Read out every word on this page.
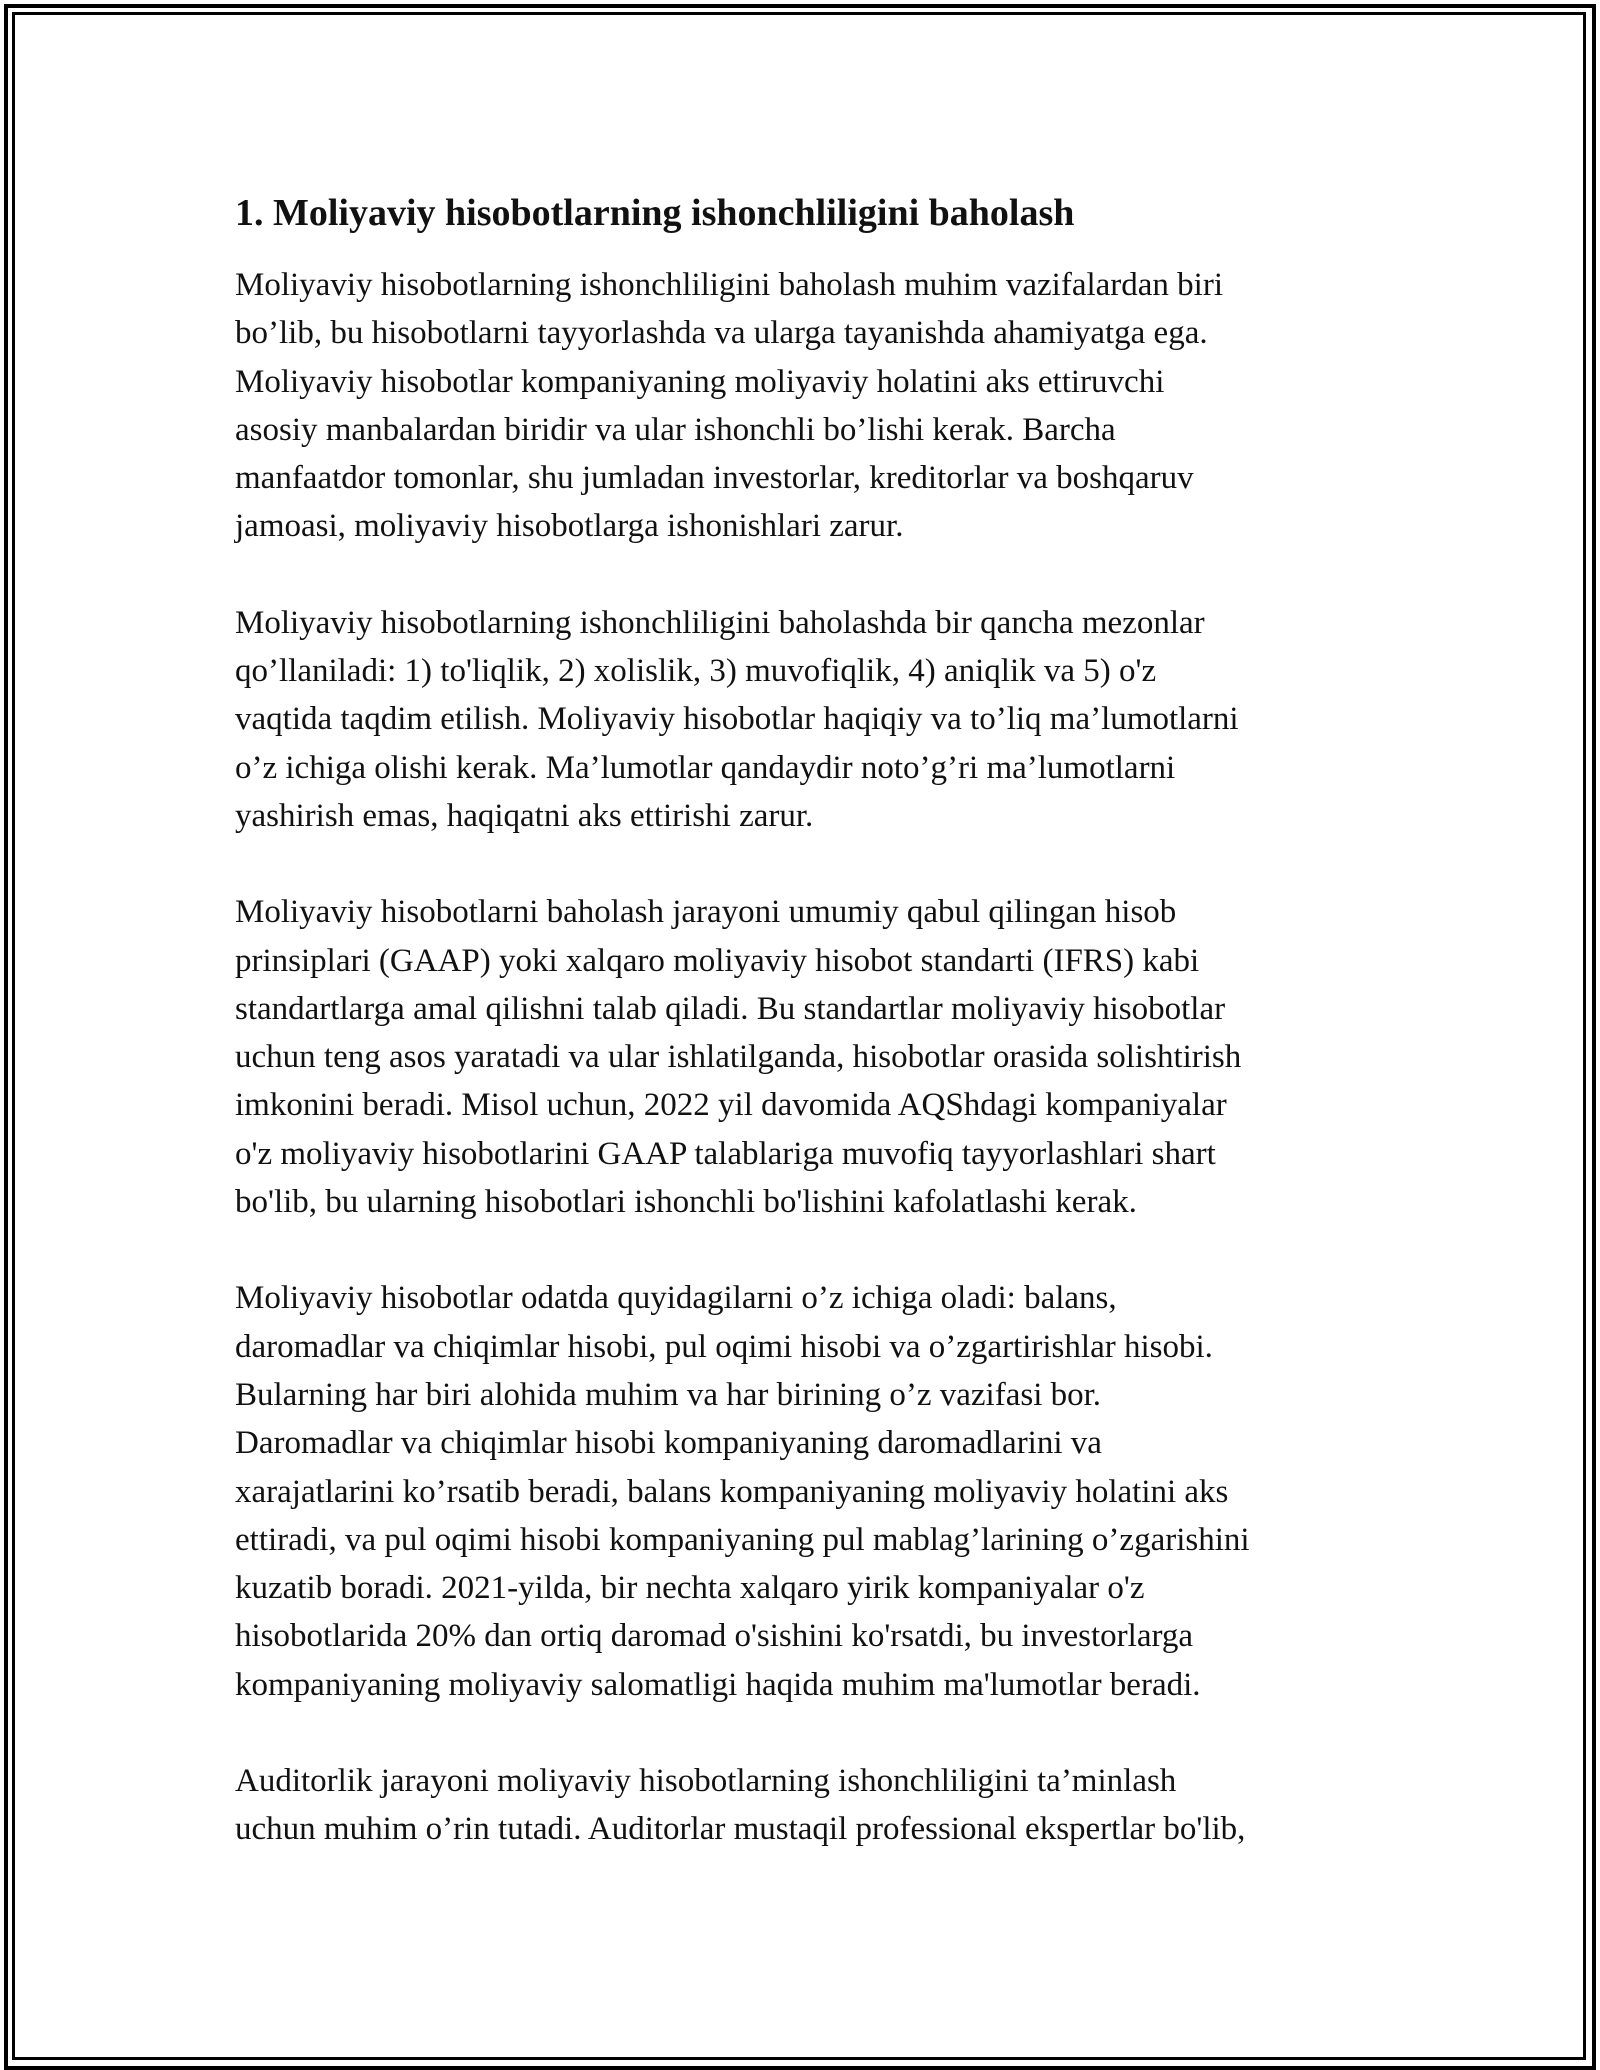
1. Moliyaviy hisobotlarning ishonchliligini baholash

Moliyaviy hisobotlarning ishonchliligini baholash muhim vazifalardan biri
bo’lib, bu hisobotlarni tayyorlashda va ularga tayanishda ahamiyatga ega.
Moliyaviy hisobotlar kompaniyaning moliyaviy holatini aks ettiruvchi
asosiy manbalardan biridir va ular ishonchli bo’lishi kerak. Barcha
manfaatdor tomonlar, shu jumladan investorlar, kreditorlar va boshqaruv
jamoasi, moliyaviy hisobotlarga ishonishlari zarur.

Moliyaviy hisobotlarning ishonchliligini baholashda bir qancha mezonlar
qo’llaniladi: 1) to'liqlik, 2) xolislik, 3) muvofiqlik, 4) aniqlik va 5) o'z
vaqtida taqdim etilish. Moliyaviy hisobotlar haqiqiy va to’liq ma’lumotlarni
o’z ichiga olishi kerak. Ma’lumotlar qandaydir noto’g’ri ma’lumotlarni
yashirish emas, haqiqatni aks ettirishi zarur.

Moliyaviy hisobotlarni baholash jarayoni umumiy qabul qilingan hisob
prinsiplari (GAAP) yoki xalqaro moliyaviy hisobot standarti (IFRS) kabi
standartlarga amal qilishni talab qiladi. Bu standartlar moliyaviy hisobotlar
uchun teng asos yaratadi va ular ishlatilganda, hisobotlar orasida solishtirish
imkonini beradi. Misol uchun, 2022 yil davomida AQShdagi kompaniyalar
o'z moliyaviy hisobotlarini GAAP talablariga muvofiq tayyorlashlari shart
bo'lib, bu ularning hisobotlari ishonchli bo'lishini kafolatlashi kerak.

Moliyaviy hisobotlar odatda quyidagilarni o’z ichiga oladi: balans,
daromadlar va chiqimlar hisobi, pul oqimi hisobi va o’zgartirishlar hisobi.
Bularning har biri alohida muhim va har birining o’z vazifasi bor.
Daromadlar va chiqimlar hisobi kompaniyaning daromadlarini va
xarajatlarini ko’rsatib beradi, balans kompaniyaning moliyaviy holatini aks
ettiradi, va pul oqimi hisobi kompaniyaning pul mablag’larining o’zgarishini
kuzatib boradi. 2021-yilda, bir nechta xalqaro yirik kompaniyalar o'z
hisobotlarida 20% dan ortiq daromad o'sishini ko'rsatdi, bu investorlarga
kompaniyaning moliyaviy salomatligi haqida muhim ma'lumotlar beradi.

Auditorlik jarayoni moliyaviy hisobotlarning ishonchliligini ta’minlash
uchun muhim o’rin tutadi. Auditorlar mustaqil professional ekspertlar bo'lib,
